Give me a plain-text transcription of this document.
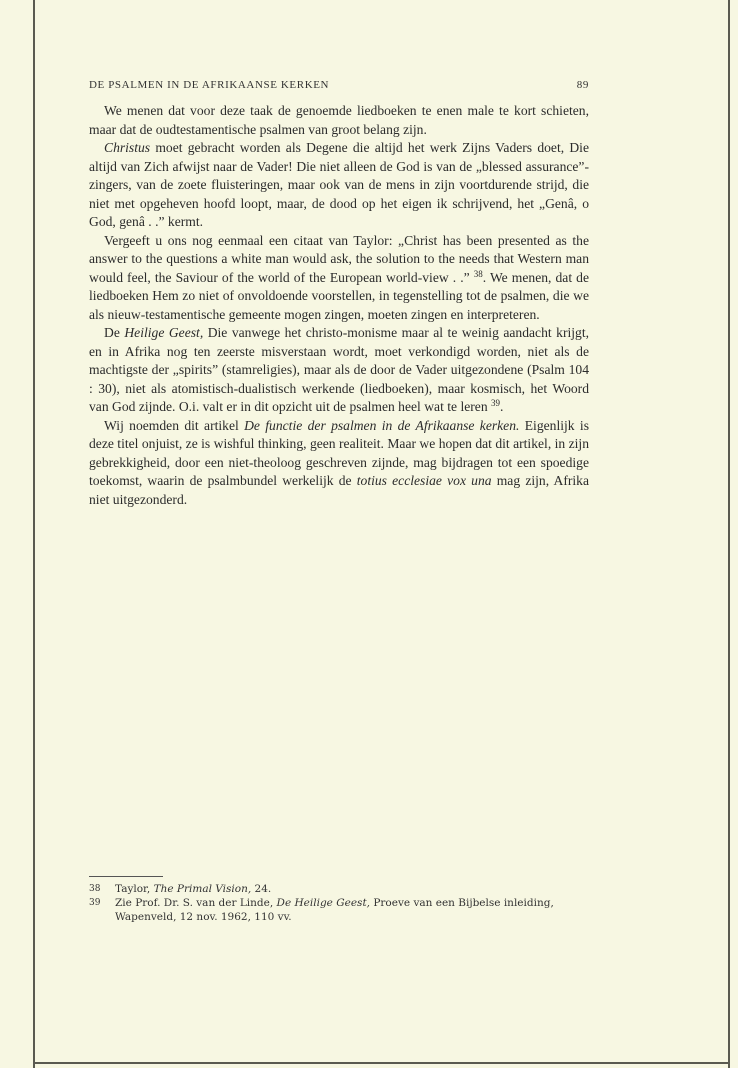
DE PSALMEN IN DE AFRIKAANSE KERKEN	89

We menen dat voor deze taak de genoemde liedboeken te enen male te kort schieten, maar dat de oudtestamentische psalmen van groot belang zijn.

Christus moet gebracht worden als Degene die altijd het werk Zijns Vaders doet, Die altijd van Zich afwijst naar de Vader! Die niet alleen de God is van de „blessed assurance”-zingers, van de zoete fluisteringen, maar ook van de mens in zijn voortdurende strijd, die niet met opgeheven hoofd loopt, maar, de dood op het eigen ik schrijvend, het „Genâ, o God, genâ . .” kermt.

Vergeeft u ons nog eenmaal een citaat van Taylor: „Christ has been presented as the answer to the questions a white man would ask, the solution to the needs that Western man would feel, the Saviour of the world of the European world-view . .” $^{38}$. We menen, dat de liedboeken Hem zo niet of onvoldoende voorstellen, in tegenstelling tot de psalmen, die we als nieuw-testamentische gemeente mogen zingen, moeten zingen en interpreteren.

De Heilige Geest, Die vanwege het christo-monisme maar al te weinig aandacht krijgt, en in Afrika nog ten zeerste misverstaan wordt, moet verkondigd worden, niet als de machtigste der „spirits” (stamreligies), maar als de door de Vader uitgezondene (Psalm 104 : 30), niet als atomistisch-dualistisch werkende (liedboeken), maar kosmisch, het Woord van God zijnde. O.i. valt er in dit opzicht uit de psalmen heel wat te leren $^{39}$.

Wij noemden dit artikel De functie der psalmen in de Afrikaanse kerken. Eigenlijk is deze titel onjuist, ze is wishful thinking, geen realiteit. Maar we hopen dat dit artikel, in zijn gebrekkigheid, door een niet-theoloog geschreven zijnde, mag bijdragen tot een spoedige toekomst, waarin de psalmbundel werkelijk de totius ecclesiae vox una mag zijn, Afrika niet uitgezonderd.

38 Taylor, The Primal Vision, 24.
39 Zie Prof. Dr. S. van der Linde, De Heilige Geest, Proeve van een Bijbelse inleiding, Wapenveld, 12 nov. 1962, 110 vv.
